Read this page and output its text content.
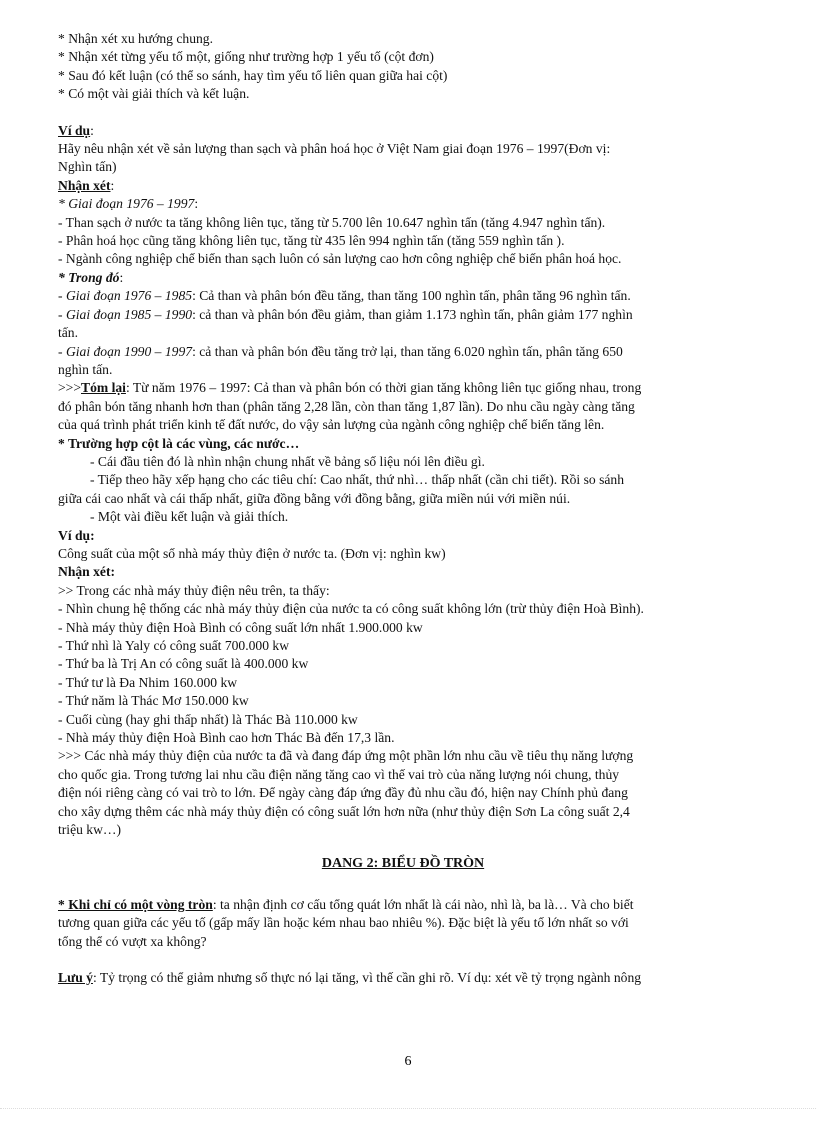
* Nhận xét xu hướng chung.

* Nhận xét từng yếu tố một, giống như trường hợp 1 yếu tố (cột đơn)

* Sau đó kết luận (có thể so sánh, hay tìm yếu tố liên quan giữa hai cột)

* Có một vài giải thích và kết luận.

Ví dụ:

Hãy nêu nhận xét về sản lượng than sạch và phân hoá học ở Việt Nam giai đoạn 1976 – 1997(Đơn vị:

Nghìn tấn)

Nhận xét:

* Giai đoạn 1976 – 1997:

- Than sạch ở nước ta tăng không liên tục, tăng từ 5.700 lên 10.647 nghìn tấn (tăng 4.947 nghìn tấn).

- Phân hoá học cũng tăng không liên tục, tăng từ 435 lên 994 nghìn tấn (tăng 559 nghìn tấn ).

- Ngành công nghiệp chế biến than sạch luôn có sản lượng cao hơn công nghiệp chế biến phân hoá học.

* Trong đó:

- Giai đoạn 1976 – 1985: Cả than và phân bón đều tăng, than tăng 100 nghìn tấn, phân tăng 96 nghìn tấn.

- Giai đoạn 1985 – 1990: cả than và phân bón đều giảm, than giảm 1.173 nghìn tấn, phân giảm 177 nghìn

tấn.

- Giai đoạn 1990 – 1997: cả than và phân bón đều tăng trở lại, than tăng 6.020 nghìn tấn, phân tăng 650

nghìn tấn.

>>>Tóm lại: Từ năm 1976 – 1997: Cả than và phân bón có thời gian tăng không liên tục giống nhau, trong

đó phân bón tăng nhanh hơn than (phân tăng 2,28 lần, còn than tăng 1,87 lần). Do nhu cầu ngày càng tăng

của quá trình phát triển kinh tế đất nước, do vậy sản lượng của ngành công nghiệp chế biến tăng lên.

* Trường hợp cột là các vùng, các nước…

- Cái đầu tiên đó là nhìn nhận chung nhất về bảng số liệu nói lên điều gì.

- Tiếp theo hãy xếp hạng cho các tiêu chí: Cao nhất, thứ nhì… thấp nhất (cần chi tiết). Rồi so sánh

giữa cái cao nhất và cái thấp nhất, giữa đồng bằng với đồng bằng, giữa miền núi với miền núi.

- Một vài điều kết luận và giải thích.

Ví dụ:

Công suất của một số nhà máy thủy điện ở nước ta. (Đơn vị: nghìn kw)

Nhận xét:

>> Trong các nhà máy thủy điện nêu trên, ta thấy:

- Nhìn chung hệ thống các nhà máy thủy điện của nước ta có công suất không lớn (trừ thủy điện Hoà Bình).

- Nhà máy thủy điện Hoà Bình có công suất lớn nhất 1.900.000 kw

- Thứ nhì là Yaly có công suất 700.000 kw

- Thứ ba là Trị An có công suất là 400.000 kw

- Thứ tư là Đa Nhim 160.000 kw

- Thứ năm là Thác Mơ 150.000 kw

- Cuối cùng (hay ghi thấp nhất) là Thác Bà 110.000 kw

- Nhà máy thủy điện Hoà Bình cao hơn Thác Bà đến 17,3 lần.

>>> Các nhà máy thủy điện của nước ta đã và đang đáp ứng một phần lớn nhu cầu về tiêu thụ năng lượng

cho quốc gia. Trong tương lai nhu cầu điện năng tăng cao vì thế vai trò của năng lượng nói chung, thủy

điện nói riêng càng có vai trò to lớn. Để ngày càng đáp ứng đầy đủ nhu cầu đó, hiện nay Chính phủ đang

cho xây dựng thêm các nhà máy thủy điện có công suất lớn hơn nữa (như thủy điện Sơn La công suất 2,4

triệu kw…)

DANG 2: BIỂU ĐỒ TRÒN

* Khi chỉ có một vòng tròn: ta nhận định cơ cấu tổng quát lớn nhất là cái nào, nhì là, ba là… Và cho biết

tương quan giữa các yếu tố (gấp mấy lần hoặc kém nhau bao nhiêu %). Đặc biệt là yếu tố lớn nhất so với

tổng thể có vượt xa không?

Lưu ý: Tỷ trọng có thể giảm nhưng số thực nó lại tăng, vì thế cần ghi rõ. Ví dụ: xét về tỷ trọng ngành nông

6
